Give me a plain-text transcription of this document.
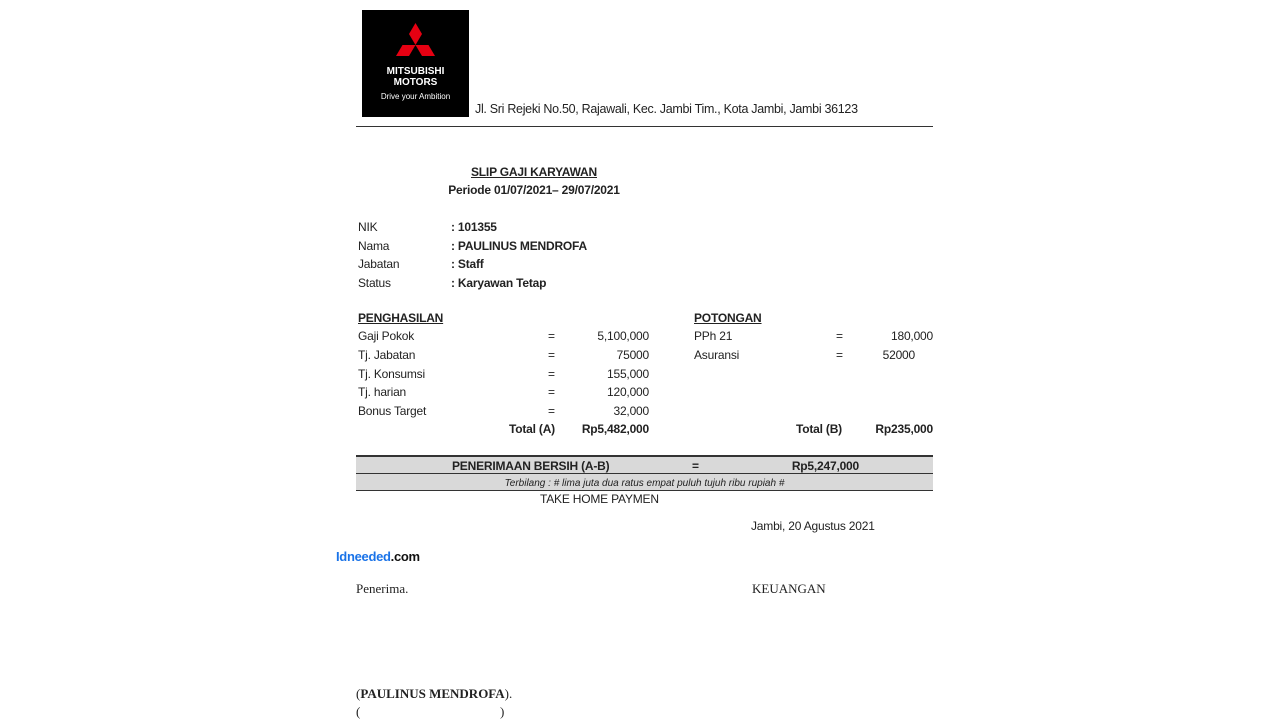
MITSUBISHI
MOTORS
Drive your Ambition
Jl. Sri Rejeki No.50, Rajawali, Kec. Jambi Tim., Kota Jambi, Jambi 36123
SLIP GAJI KARYAWAN
Periode 01/07/2021– 29/07/2021
NIK	: 101355
Nama	: PAULINUS MENDROFA
Jabatan	: Staff
Status	: Karyawan Tetap
PENGHASILAN
Gaji Pokok	=	5,100,000
Tj. Jabatan	=	75000
Tj. Konsumsi	=	155,000
Tj. harian	=	120,000
Bonus Target	=	32,000
Total (A)	Rp5,482,000
POTONGAN
PPh 21	=	180,000
Asuransi	=	52000
Total (B)	Rp235,000
PENERIMAAN BERSIH (A-B)	=	Rp5,247,000
Terbilang : # lima juta dua ratus empat puluh tujuh ribu rupiah #
TAKE HOME PAYMEN
Jambi, 20 Agustus 2021
Idneeded.com
Penerima.	KEUANGAN
(PAULINUS MENDROFA).
(	)
